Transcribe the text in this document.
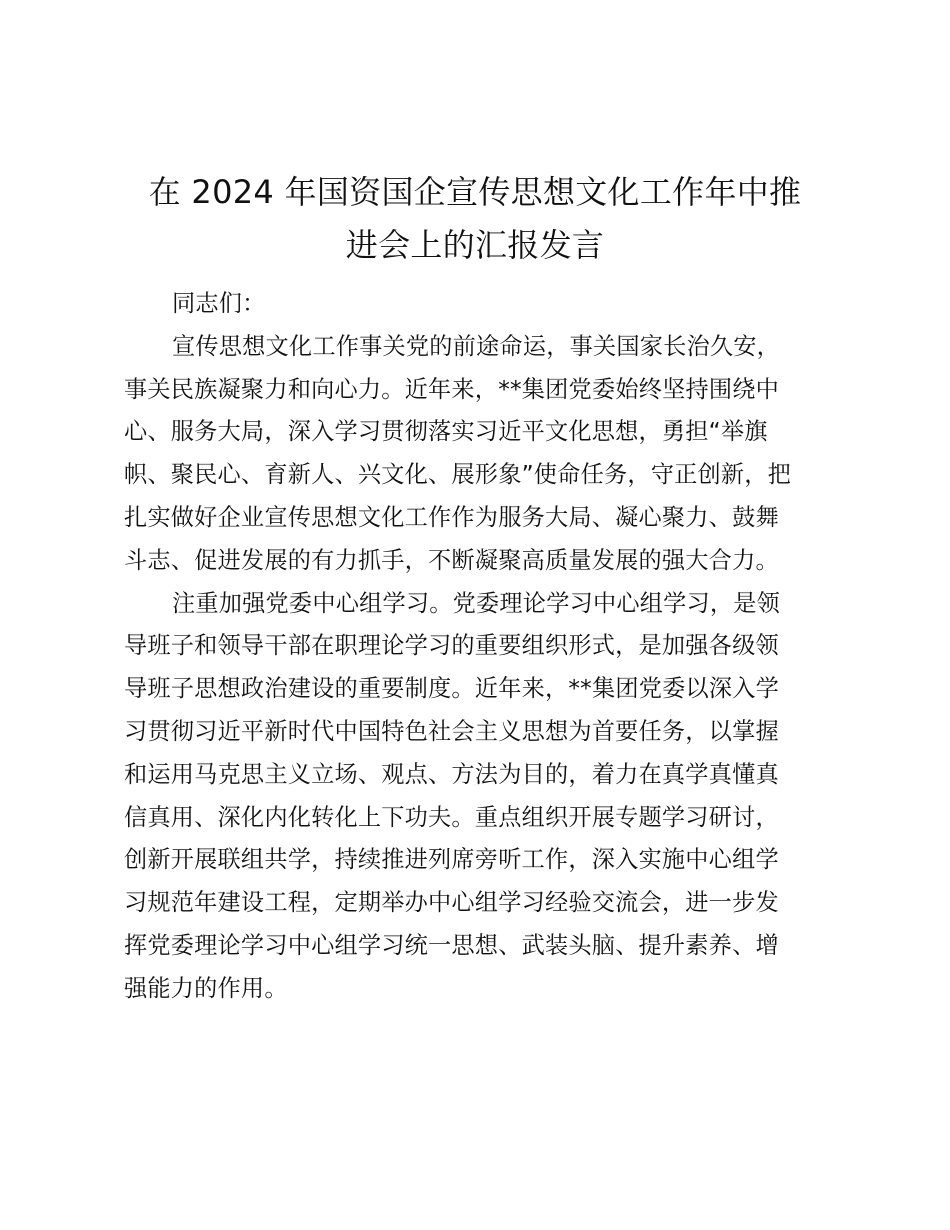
在 2024 年国资国企宣传思想文化工作年中推
进会上的汇报发言
同志们：
宣传思想文化工作事关党的前途命运，事关国家长治久安，
事关民族凝聚力和向心力。近年来，**集团党委始终坚持围绕中
心、服务大局，深入学习贯彻落实习近平文化思想，勇担“举旗
帜、聚民心、育新人、兴文化、展形象”使命任务，守正创新，把
扎实做好企业宣传思想文化工作作为服务大局、凝心聚力、鼓舞
斗志、促进发展的有力抓手，不断凝聚高质量发展的强大合力。
注重加强党委中心组学习。党委理论学习中心组学习，是领
导班子和领导干部在职理论学习的重要组织形式，是加强各级领
导班子思想政治建设的重要制度。近年来，**集团党委以深入学
习贯彻习近平新时代中国特色社会主义思想为首要任务，以掌握
和运用马克思主义立场、观点、方法为目的，着力在真学真懂真
信真用、深化内化转化上下功夫。重点组织开展专题学习研讨，
创新开展联组共学，持续推进列席旁听工作，深入实施中心组学
习规范年建设工程，定期举办中心组学习经验交流会，进一步发
挥党委理论学习中心组学习统一思想、武装头脑、提升素养、增
强能力的作用。
